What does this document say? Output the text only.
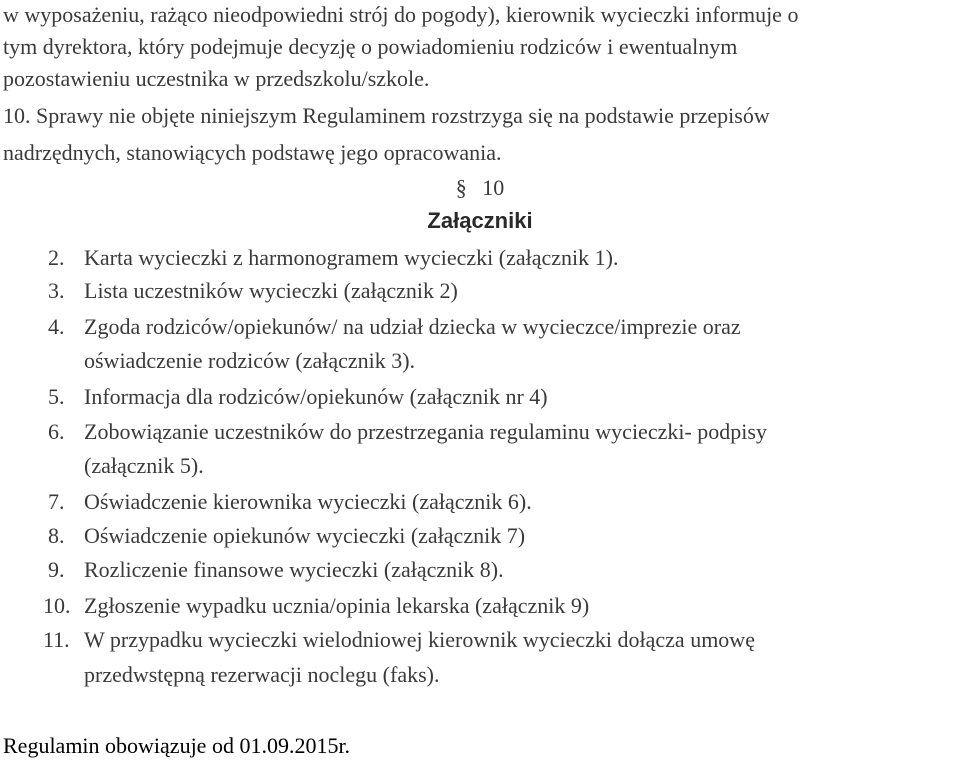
w wyposażeniu, rażąco nieodpowiedni strój do pogody), kierownik wycieczki informuje o
tym dyrektora, który podejmuje decyzję o powiadomieniu rodziców i ewentualnym
pozostawieniu uczestnika w przedszkolu/szkole.
10. Sprawy nie objęte niniejszym Regulaminem rozstrzyga się na podstawie przepisów
nadrzędnych, stanowiących podstawę jego opracowania.
§ 10
Załączniki
2. Karta wycieczki z harmonogramem wycieczki (załącznik 1).
3. Lista uczestników wycieczki (załącznik 2)
4. Zgoda rodziców/opiekunów/ na udział dziecka w wycieczce/imprezie oraz
oświadczenie rodziców (załącznik 3).
5. Informacja dla rodziców/opiekunów (załącznik nr 4)
6. Zobowiązanie uczestników do przestrzegania regulaminu wycieczki- podpisy
(załącznik 5).
7. Oświadczenie kierownika wycieczki (załącznik 6).
8. Oświadczenie opiekunów wycieczki (załącznik 7)
9. Rozliczenie finansowe wycieczki (załącznik 8).
10. Zgłoszenie wypadku ucznia/opinia lekarska (załącznik 9)
11. W przypadku wycieczki wielodniowej kierownik wycieczki dołącza umowę
przedwstępną rezerwacji noclegu (faks).
Regulamin obowiązuje od 01.09.2015r.
